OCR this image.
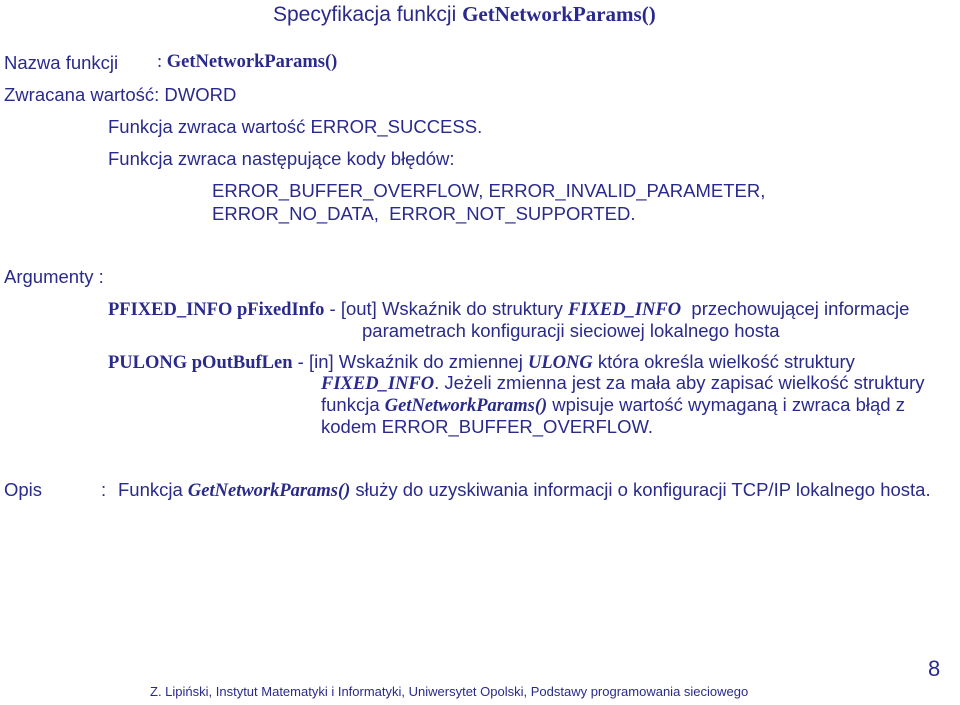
Specyfikacja funkcji GetNetworkParams()
Nazwa funkcji : GetNetworkParams()
Zwracana wartość: DWORD
Funkcja zwraca wartość ERROR_SUCCESS.
Funkcja zwraca następujące kody błędów:
ERROR_BUFFER_OVERFLOW, ERROR_INVALID_PARAMETER,
ERROR_NO_DATA,  ERROR_NOT_SUPPORTED.
Argumenty :
PFIXED_INFO pFixedInfo - [out] Wskaźnik do struktury FIXED_INFO  przechowującej informacje
parametrach konfiguracji sieciowej lokalnego hosta
PULONG pOutBufLen - [in] Wskaźnik do zmiennej ULONG która określa wielkość struktury
FIXED_INFO. Jeżeli zmienna jest za mała aby zapisać wielkość struktury
funkcja GetNetworkParams() wpisuje wartość wymaganą i zwraca błąd z
kodem ERROR_BUFFER_OVERFLOW.
Opis	: Funkcja GetNetworkParams() służy do uzyskiwania informacji o konfiguracji TCP/IP lokalnego hosta.
8
Z. Lipiński, Instytut Matematyki i Informatyki, Uniwersytet Opolski, Podstawy programowania sieciowego
